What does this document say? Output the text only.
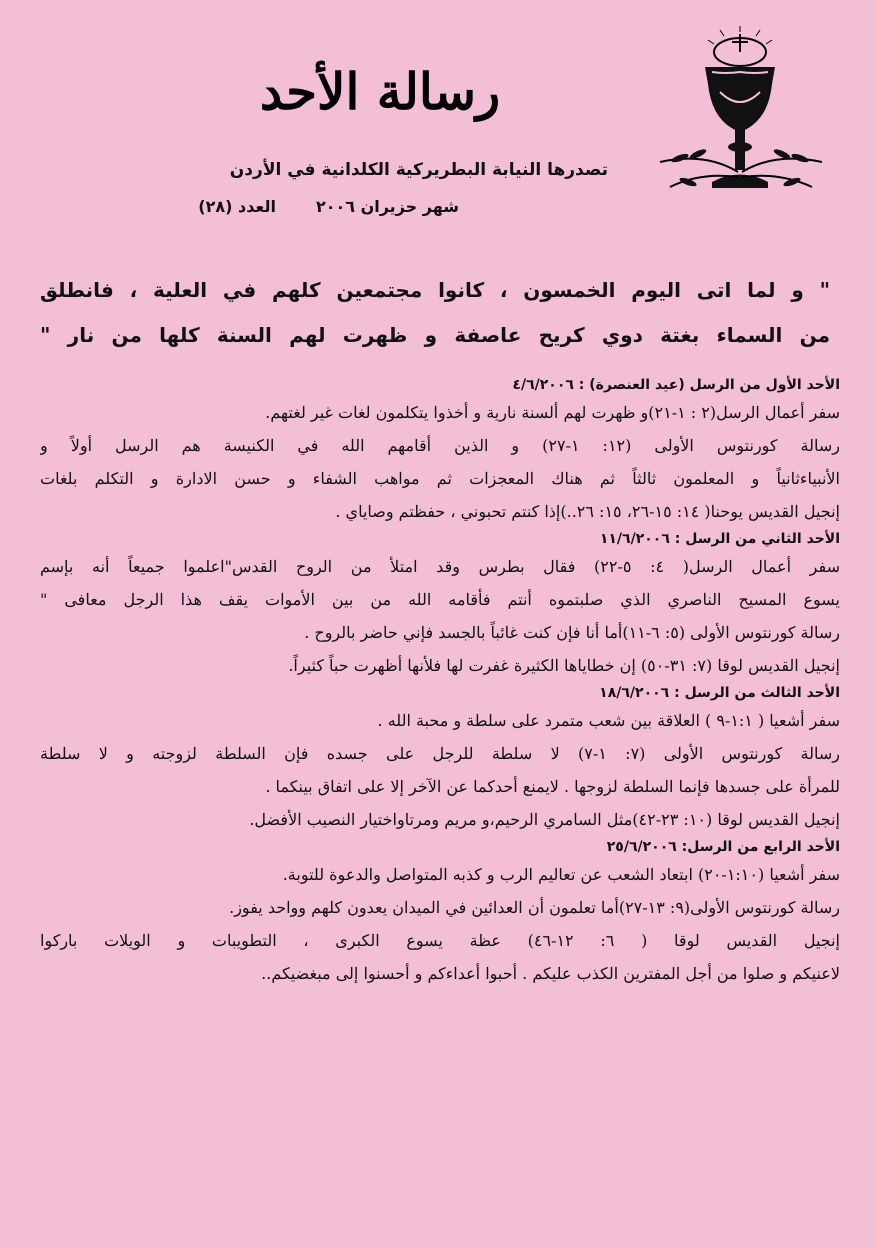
رسالة الأحد
تصدرها النيابة البطريركية الكلدانية في الأردن
شهر حزيران ٢٠٠٦
العدد (٢٨)
" و لما اتى اليوم الخمسون ، كانوا مجتمعين كلهم في العلية ، فانطلق
من السماء بغتة دوي كريح عاصفة و ظهرت لهم السنة كلها من نار "

الأحد الأول من الرسل (عيد العنصرة) : ٤/٦/٢٠٠٦

سفر أعمال الرسل(٢ : ١-٢١)و ظهرت لهم ألسنة نارية و أخذوا يتكلمون لغات غير لغتهم.

رسالة كورنتوس الأولى (١٢: ١-٢٧) و الذين أقامهم الله في الكنيسة هم الرسل أولاً و

الأنبياءثانياً و المعلمون ثالثاً ثم هناك المعجزات ثم مواهب الشفاء و حسن الادارة و التكلم بلغات

إنجيل القديس يوحنا( ١٤: ١٥-٢٦، ١٥: ٢٦..)إذا كنتم تحبوني ، حفظتم وصاياي .

الأحد الثاني من الرسل : ١١/٦/٢٠٠٦

سفر أعمال الرسل( ٤: ٥-٢٢) فقال بطرس وقد امتلأ من الروح القدس"اعلموا جميعاً أنه بإسم

يسوع المسيح الناصري الذي صلبتموه أنتم فأقامه الله من بين الأموات يقف هذا الرجل معافى "

رسالة كورنتوس الأولى (٥: ٦-١١)أما أنا فإن كنت غائباً بالجسد فإني حاضر بالروح .

إنجيل القديس لوقا (٧: ٣١-٥٠) إن خطاياها الكثيرة غفرت لها فلأنها أظهرت حباً كثيراً.

الأحد الثالث من الرسل : ١٨/٦/٢٠٠٦

سفر أشعيا ( ١:١-٩ ) العلاقة بين شعب متمرد على سلطة و محبة الله .

رسالة كورنتوس الأولى (٧: ١-٧) لا سلطة للرجل على جسده فإن السلطة لزوجته و لا سلطة

للمرأة على جسدها فإنما السلطة لزوجها . لايمنع أحدكما عن الآخر إلا على اتفاق بينكما .

إنجيل القديس لوقا (١٠: ٢٣-٤٢)مثل السامري الرحيم،و مريم ومرتاواختيار النصيب الأفضل.

الأحد الرابع من الرسل: ٢٥/٦/٢٠٠٦

سفر أشعيا (١:١٠-٢٠) ابتعاد الشعب عن تعاليم الرب و كذبه المتواصل والدعوة للتوبة.

رسالة كورنتوس الأولى(٩: ١٣-٢٧)أما تعلمون أن العدائين في الميدان يعدون كلهم وواحد يفوز.

إنجيل القديس لوقا ( ٦: ١٢-٤٦) عظة يسوع الكبرى ، التطويبات و الويلات باركوا

لاعنيكم و صلوا من أجل المفترين الكذب عليكم . أحبوا أعداءكم و أحسنوا إلى مبغضيكم..
